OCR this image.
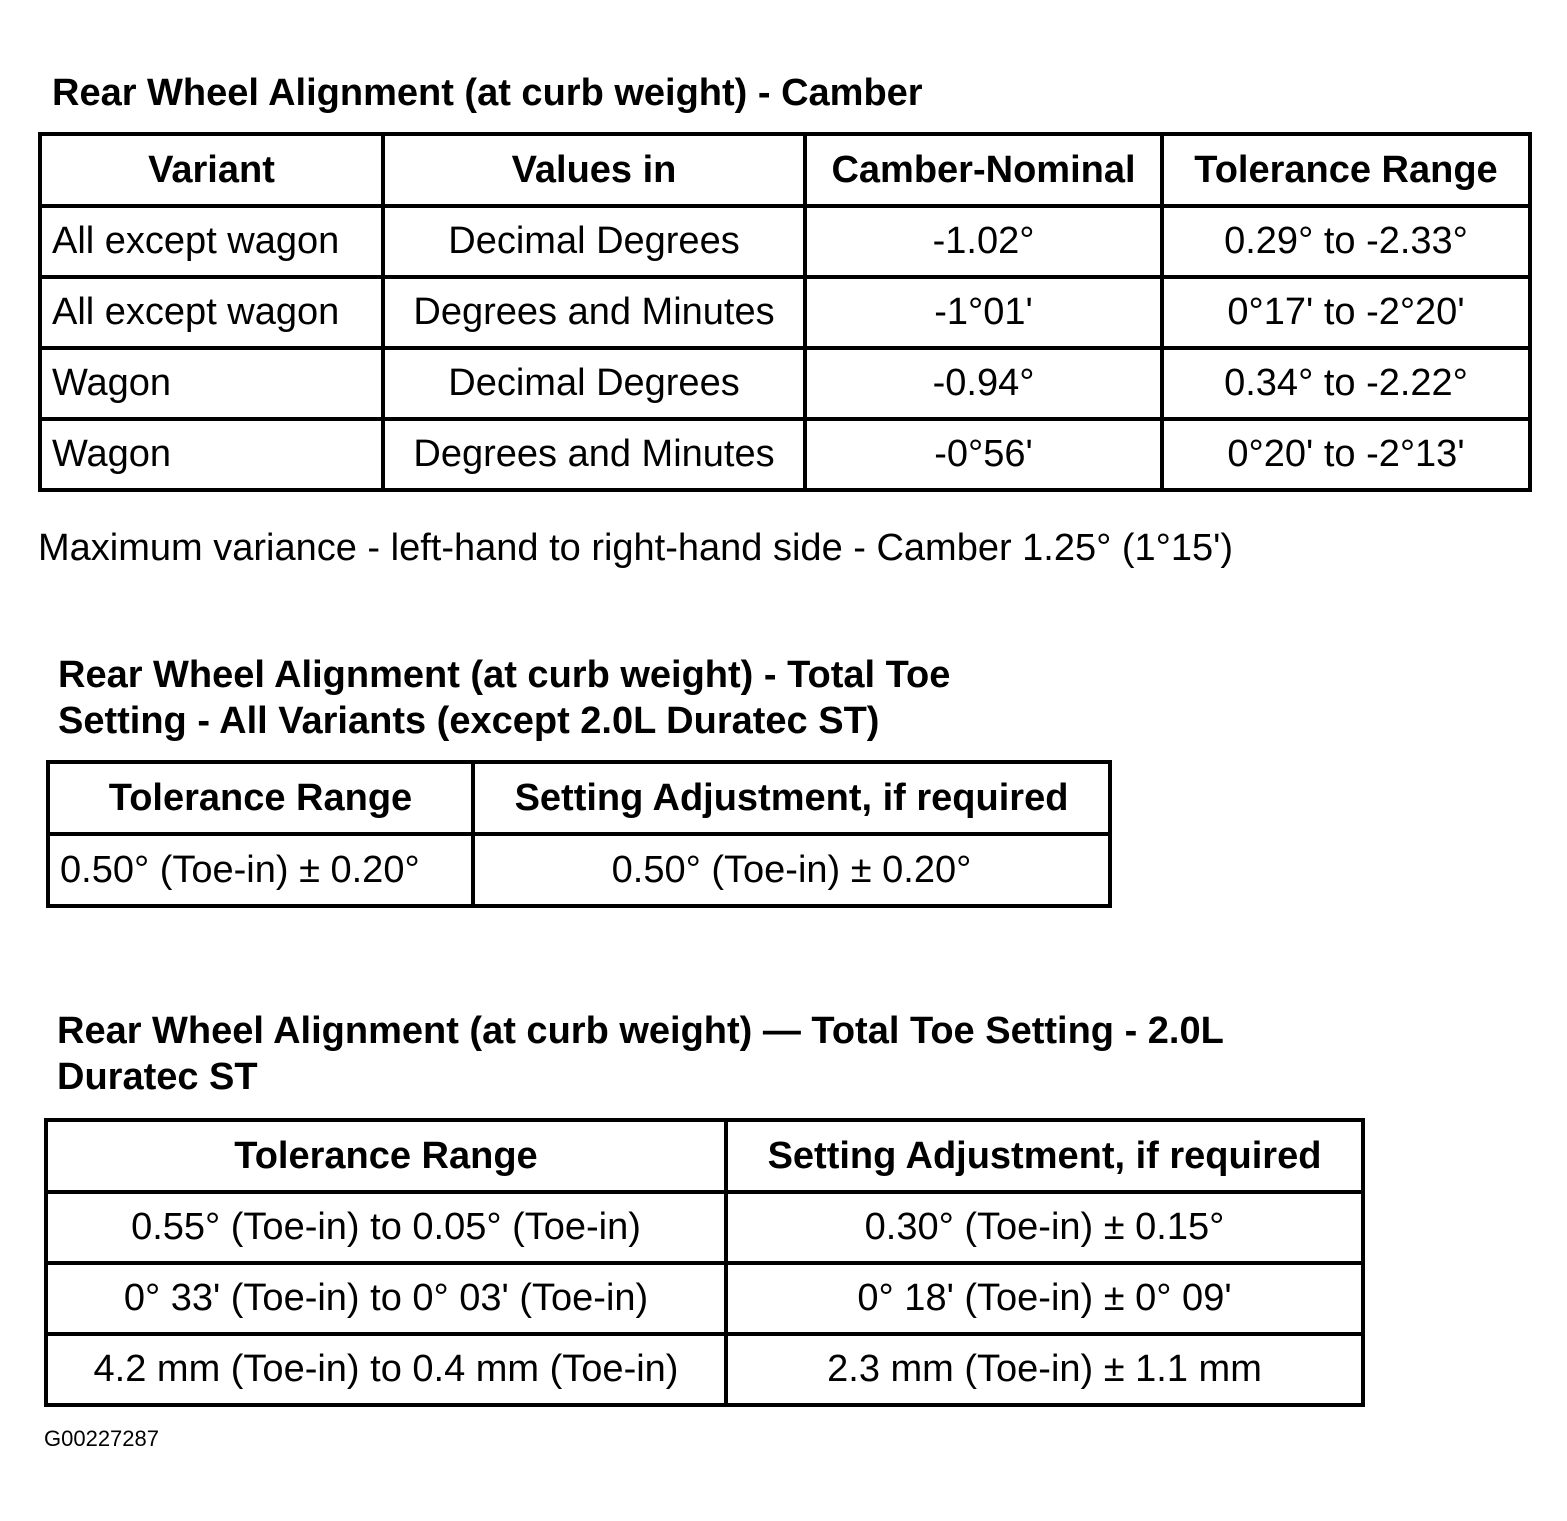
Rear Wheel Alignment (at curb weight) - Camber
Variant	Values in	Camber-Nominal	Tolerance Range
All except wagon	Decimal Degrees	-1.02°	0.29° to -2.33°
All except wagon	Degrees and Minutes	-1°01'	0°17' to -2°20'
Wagon	Decimal Degrees	-0.94°	0.34° to -2.22°
Wagon	Degrees and Minutes	-0°56'	0°20' to -2°13'
Maximum variance - left-hand to right-hand side - Camber 1.25° (1°15')
Rear Wheel Alignment (at curb weight) - Total Toe
Setting - All Variants (except 2.0L Duratec ST)
Tolerance Range	Setting Adjustment, if required
0.50° (Toe-in) ± 0.20°	0.50° (Toe-in) ± 0.20°
Rear Wheel Alignment (at curb weight) — Total Toe Setting - 2.0L
Duratec ST
Tolerance Range	Setting Adjustment, if required
0.55° (Toe-in) to 0.05° (Toe-in)	0.30° (Toe-in) ± 0.15°
0° 33' (Toe-in) to 0° 03' (Toe-in)	0° 18' (Toe-in) ± 0° 09'
4.2 mm (Toe-in) to 0.4 mm (Toe-in)	2.3 mm (Toe-in) ± 1.1 mm
G00227287
